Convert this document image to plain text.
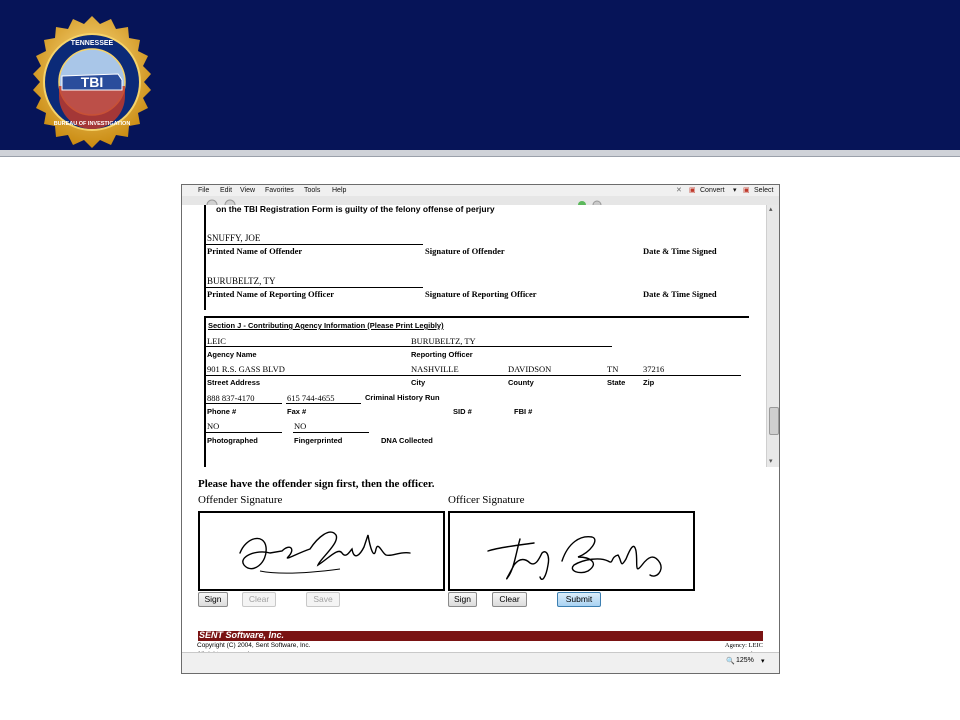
TBI
TENNESSEE
BUREAU OF INVESTIGATION
File Edit View Favorites Tools Help	✕ ▣ Convert ▾ ▣ Select
on the TBI Registration Form is guilty of the felony offense of perjury
SNUFFY, JOE
Printed Name of Offender	Signature of Offender	Date & Time Signed
BURUBELTZ, TY
Printed Name of Reporting Officer	Signature of Reporting Officer	Date & Time Signed
Section J - Contributing Agency Information (Please Print Legibly)
LEIC	BURUBELTZ, TY
Agency Name	Reporting Officer
901 R.S. GASS BLVD	NASHVILLE	DAVIDSON	TN	37216
Street Address	City	County	State Zip
888 837-4170	615 744-4655	Criminal History Run
Phone #	Fax #	SID #	FBI #
NO	NO
Photographed	Fingerprinted	DNA Collected
▴
▾
Please have the offender sign first, then the officer.
Offender Signature	Officer Signature
Sign	Clear	Save	Sign	Clear	Submit
SENT Software, Inc.
Copyright (C) 2004, Sent Software, Inc.	Agency: LEIC
🔍 125% ▾
